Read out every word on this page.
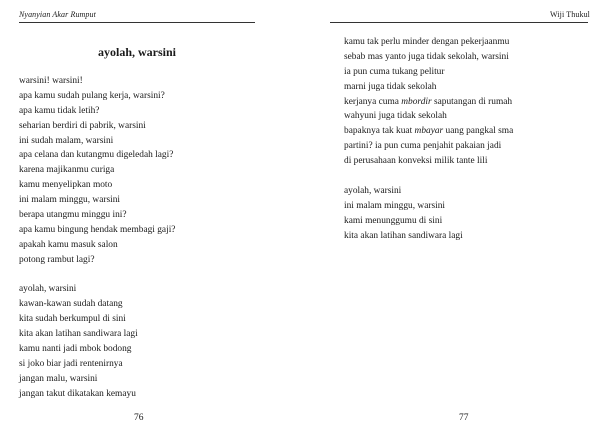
Nyanyian Akar Rumput
ayolah, warsini
warsini! warsini!
apa kamu sudah pulang kerja, warsini?
apa kamu tidak letih?
seharian berdiri di pabrik, warsini
ini sudah malam, warsini
apa celana dan kutangmu digeledah lagi?
karena majikanmu curiga
kamu menyelipkan moto
ini malam minggu, warsini
berapa utangmu minggu ini?
apa kamu bingung hendak membagi gaji?
apakah kamu masuk salon
potong rambut lagi?
ayolah, warsini
kawan-kawan sudah datang
kita sudah berkumpul di sini
kita akan latihan sandiwara lagi
kamu nanti jadi mbok bodong
si joko biar jadi rentenirnya
jangan malu, warsini
jangan takut dikatakan kemayu
76
Wiji Thukul
kamu tak perlu minder dengan pekerjaanmu
sebab mas yanto juga tidak sekolah, warsini
ia pun cuma tukang pelitur
marni juga tidak sekolah
kerjanya cuma mbordir saputangan di rumah
wahyuni juga tidak sekolah
bapaknya tak kuat mbayar uang pangkal sma
partini? ia pun cuma penjahit pakaian jadi
di perusahaan konveksi milik tante lili
ayolah, warsini
ini malam minggu, warsini
kami menunggumu di sini
kita akan latihan sandiwara lagi
77
